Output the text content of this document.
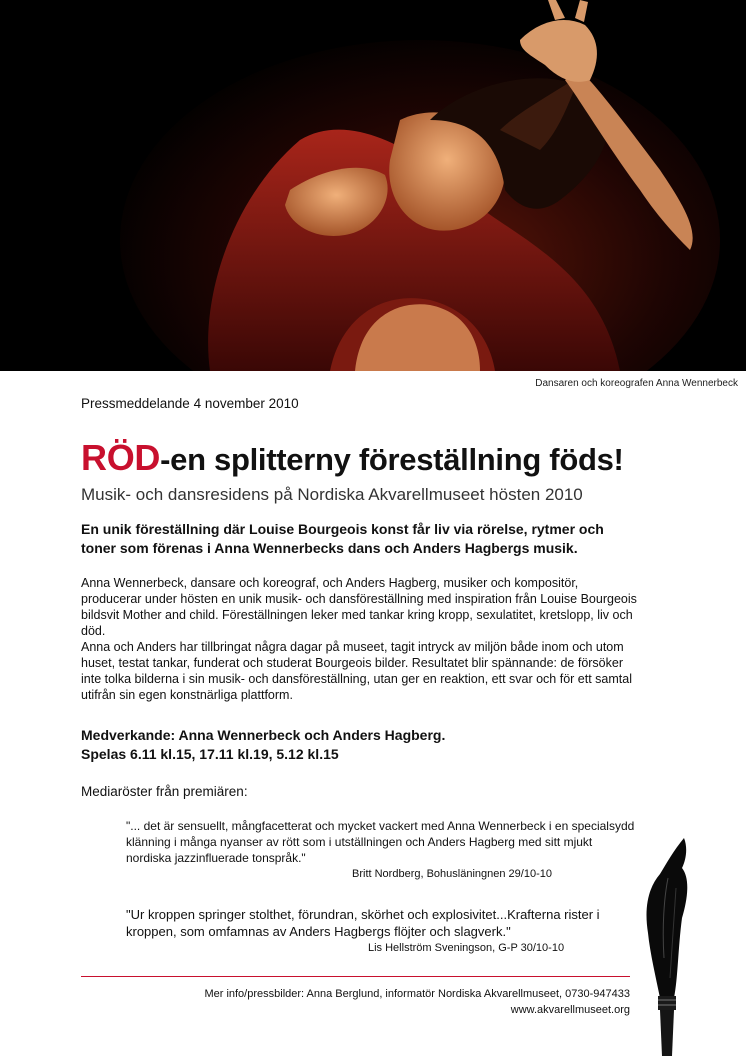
Dansaren och koreografen Anna Wennerbeck
Pressmeddelande 4 november 2010
RÖD-en splitterny föreställning föds!
Musik- och dansresidens på Nordiska Akvarellmuseet hösten 2010
En unik föreställning där Louise Bourgeois konst får liv via rörelse, rytmer och toner som förenas i Anna Wennerbecks dans och Anders Hagbergs musik.

Anna Wennerbeck, dansare och koreograf, och Anders Hagberg, musiker och kompositör, producerar under hösten en unik musik- och dansföreställning med inspiration från Louise Bourgeois bildsvit Mother and child. Föreställningen leker med tankar kring kropp, sexulatitet, kretslopp, liv och död.

Anna och Anders har tillbringat några dagar på museet, tagit intryck av miljön både inom och utom huset, testat tankar, funderat och studerat Bourgeois bilder. Resultatet blir spännande: de försöker inte tolka bilderna i sin musik- och dansföreställning, utan ger en reaktion, ett svar och för ett samtal utifrån sin egen konstnärliga plattform.

Medverkande: Anna Wennerbeck och Anders Hagberg.
Spelas 6.11 kl.15, 17.11 kl.19, 5.12 kl.15
Mediaröster från premiären:
"... det är sensuellt, mångfacetterat och mycket vackert med Anna Wennerbeck i en specialsydd klänning i många nyanser av rött som i utställningen och Anders Hagberg med sitt mjukt nordiska jazzinfluerade tonspråk."
Britt Nordberg, Bohusläningnen 29/10-10
"Ur kroppen springer stolthet, förundran, skörhet och explosivitet...Krafterna rister i kroppen, som omfamnas av Anders Hagbergs flöjter och slagverk."
Lis Hellström Sveningson, G-P 30/10-10
Mer info/pressbilder: Anna Berglund, informatör Nordiska Akvarellmuseet, 0730-947433
www.akvarellmuseet.org
